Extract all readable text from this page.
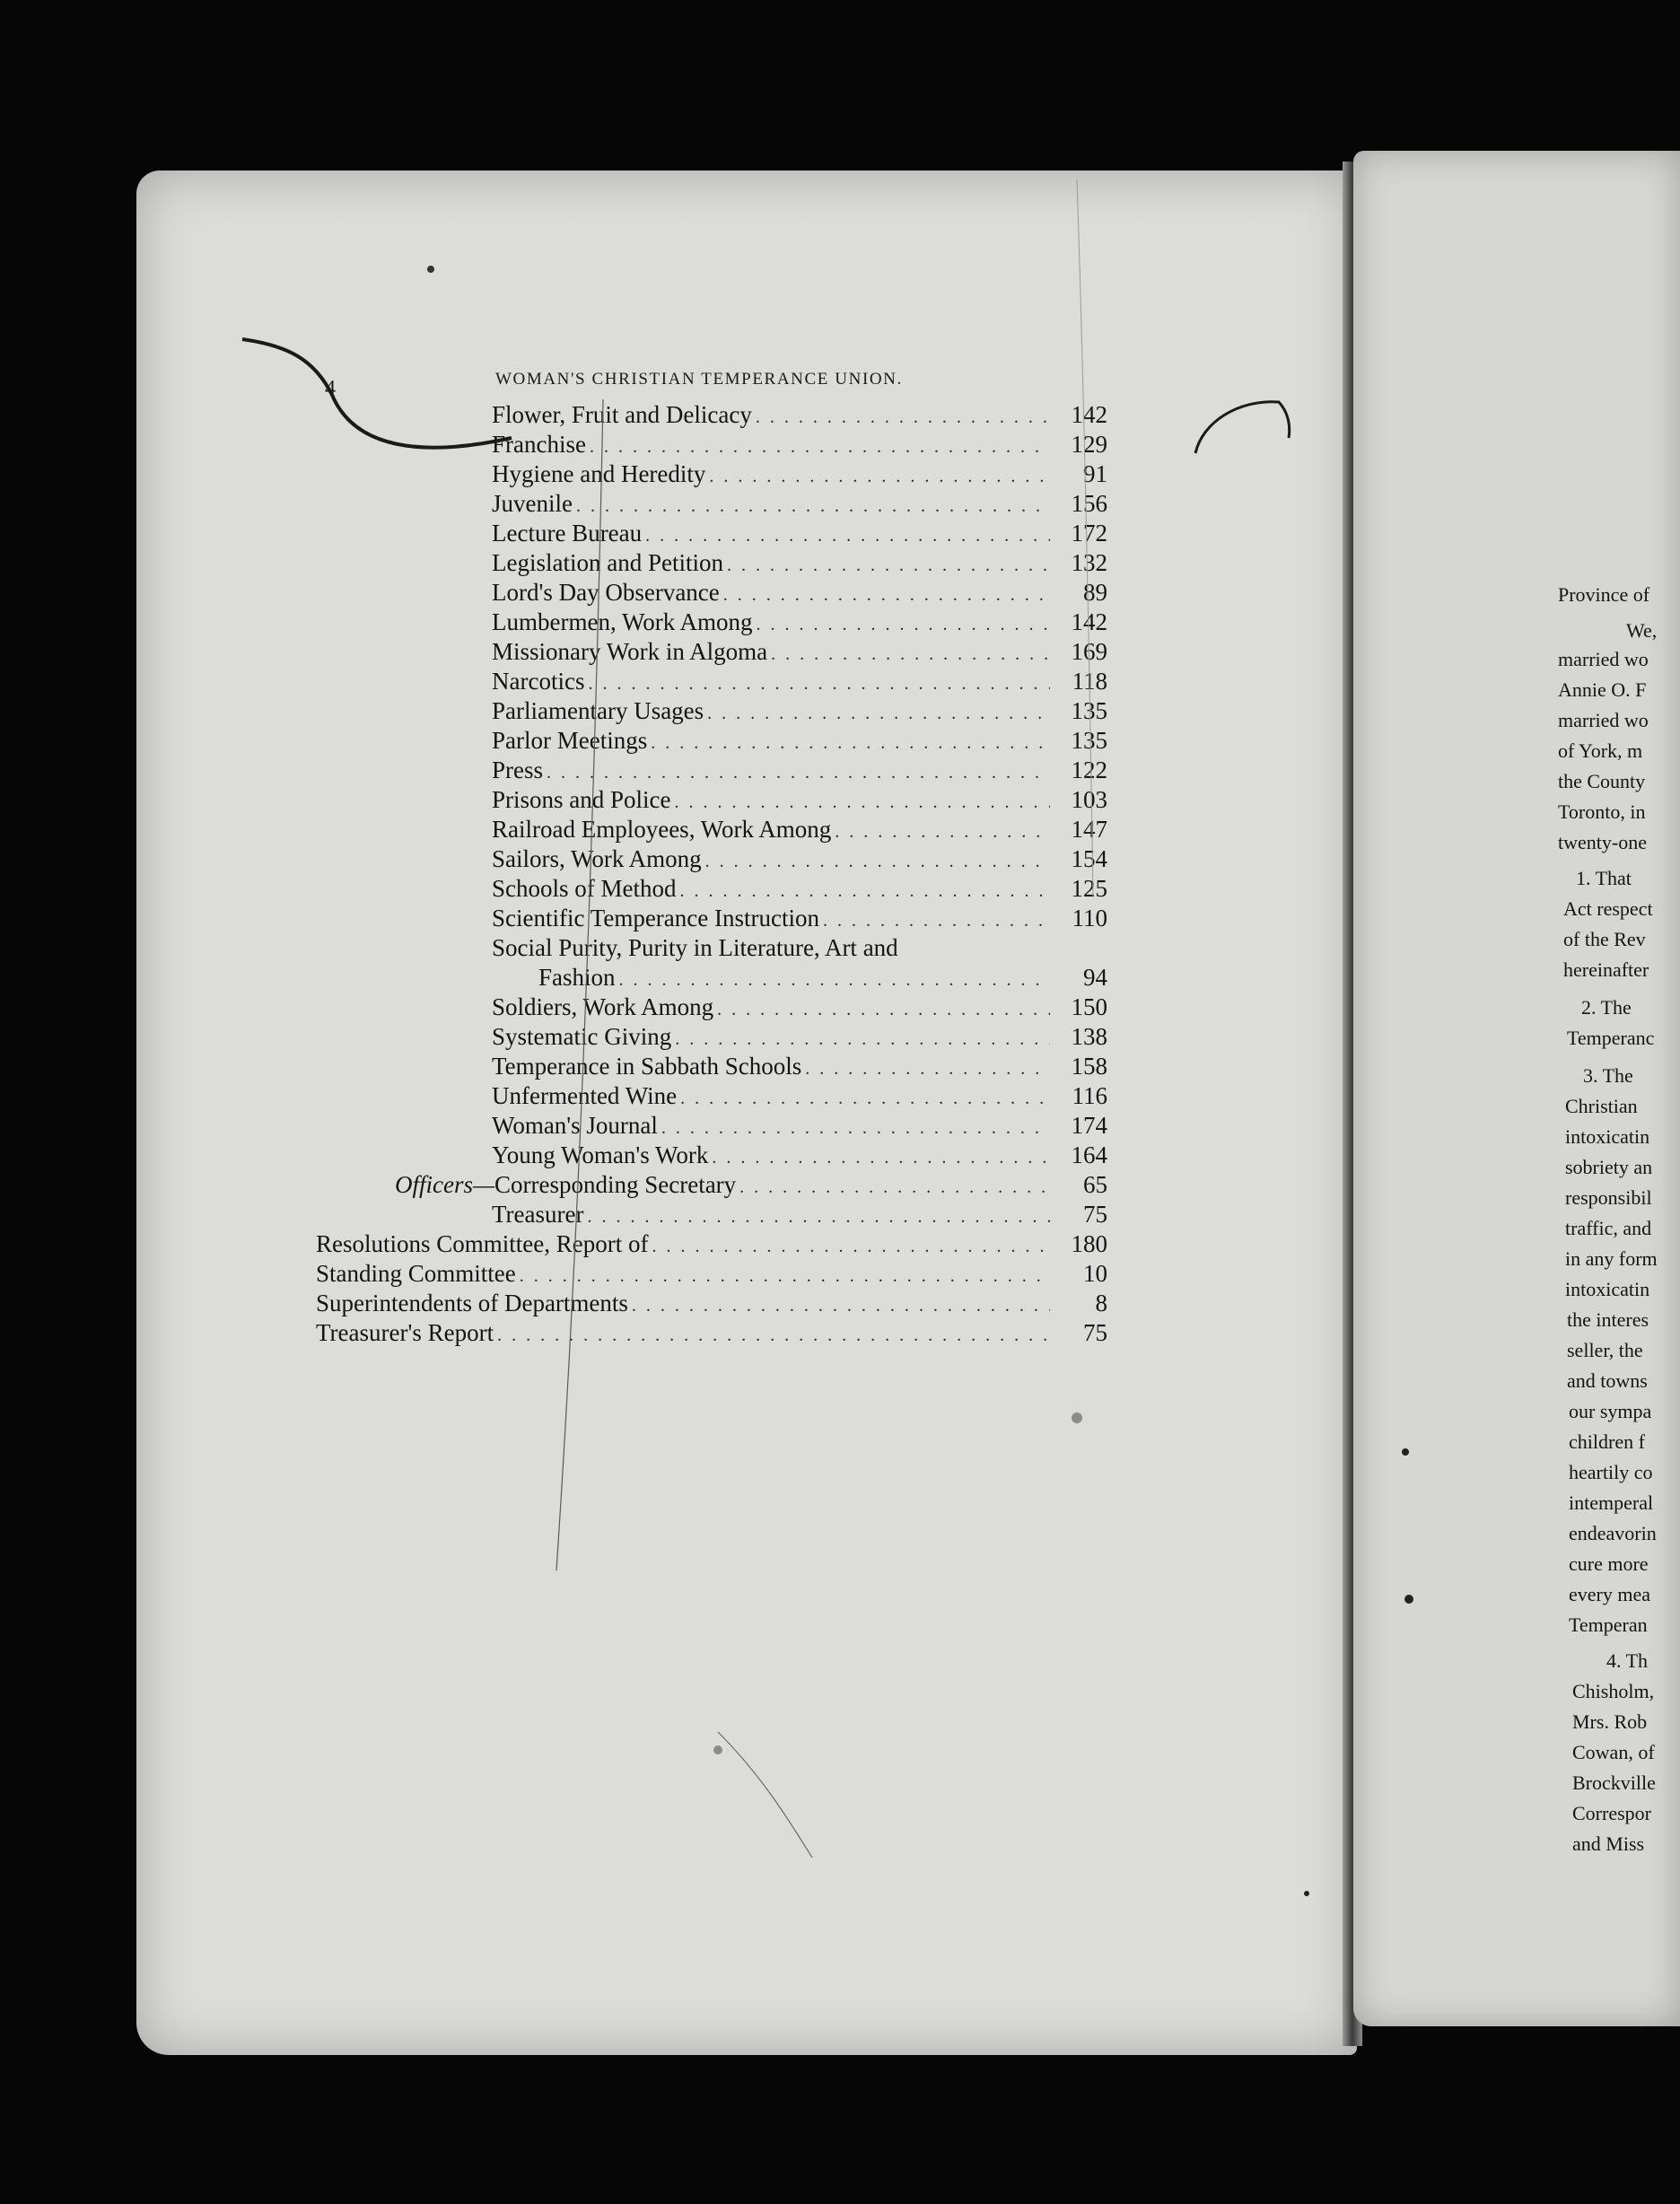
4	WOMAN'S CHRISTIAN TEMPERANCE UNION.
Flower, Fruit and Delicacy . . .	142
Franchise . . .	129
Hygiene and Heredity . . .	91
Juvenile . . .	156
Lecture Bureau . . .	172
Legislation and Petition . . .	132
Lord's Day Observance . . .	89
Lumbermen, Work Among . . .	142
Missionary Work in Algoma . . .	169
Narcotics . . .	118
Parliamentary Usages . . .	135
Parlor Meetings . . .	135
Press . . .	122
Prisons and Police . . .	103
Railroad Employees, Work Among . . .	147
Sailors, Work Among . . .	154
Schools of Method . . .	125
Scientific Temperance Instruction . . .	110
Social Purity, Purity in Literature, Art and
Fashion . . .	94
Soldiers, Work Among . . .	150
Systematic Giving . . .	138
Temperance in Sabbath Schools . . .	158
Unfermented Wine . . .	116
Woman's Journal . . .	174
Young Woman's Work . . .	164
Officers— Corresponding Secretary . . .	65
Treasurer . . .	75
Resolutions Committee, Report of . . .	180
Standing Committee . . .	10
Superintendents of Departments . . .	8
Treasurer's Report . . .	75
Province of
We,
married wo
Annie O. F
married wo
of York, m
the County
Toronto, in
twenty-one
1. That
Act respect
of the Rev
hereinafter
2. The
Temperanc
3. The
Christian
intoxicatin
sobriety an
responsibil
traffic, and
in any form
intoxicatin
the interes
seller, the
and towns
our sympa
children f
heartily co
intemperal
endeavorin
cure more
every mea
Temperan
4. Th
Chisholm,
Mrs. Rob
Cowan, of
Brockville
Correspor
and Miss
